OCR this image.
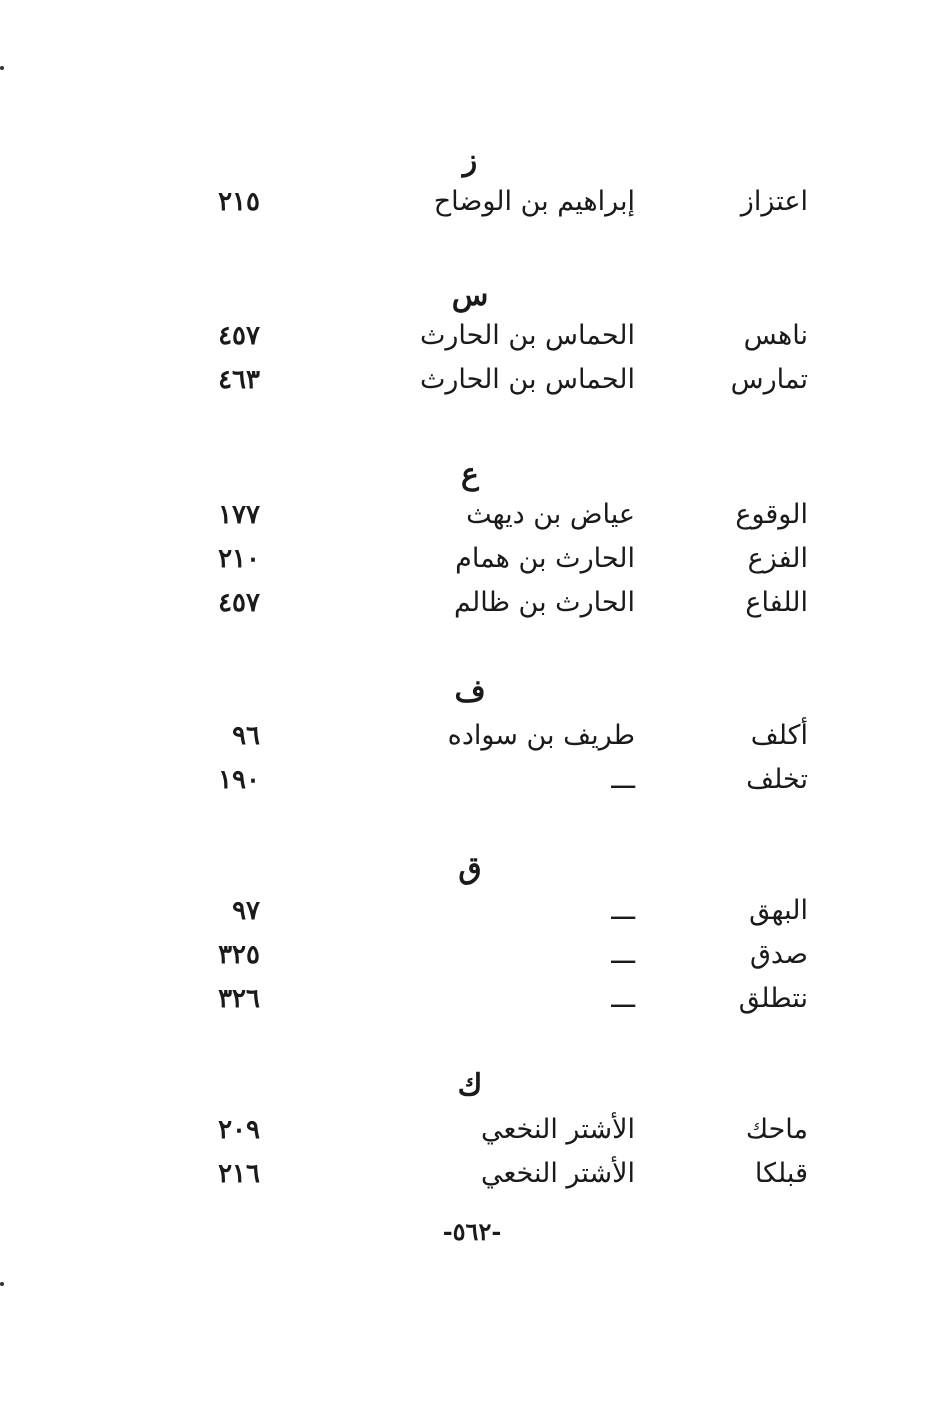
ز
اعتزاز
إبراهيم بن الوضاح
٢١٥
س
ناهس
الحماس بن الحارث
٤٥٧
تمارس
الحماس بن الحارث
٤٦٣
ع
الوقوع
عياض بن ديهث
١٧٧
الفزع
الحارث بن همام
٢١٠
اللفاع
الحارث بن ظالم
٤٥٧
ف
أكلف
طريف بن سواده
٩٦
تخلف
ـــ
١٩٠
ق
البهق
ـــ
٩٧
صدق
ـــ
٣٢٥
نتطلق
ـــ
٣٢٦
ك
ماحك
الأشتر النخعي
٢٠٩
قبلكا
الأشتر النخعي
٢١٦
-٥٦٢-
